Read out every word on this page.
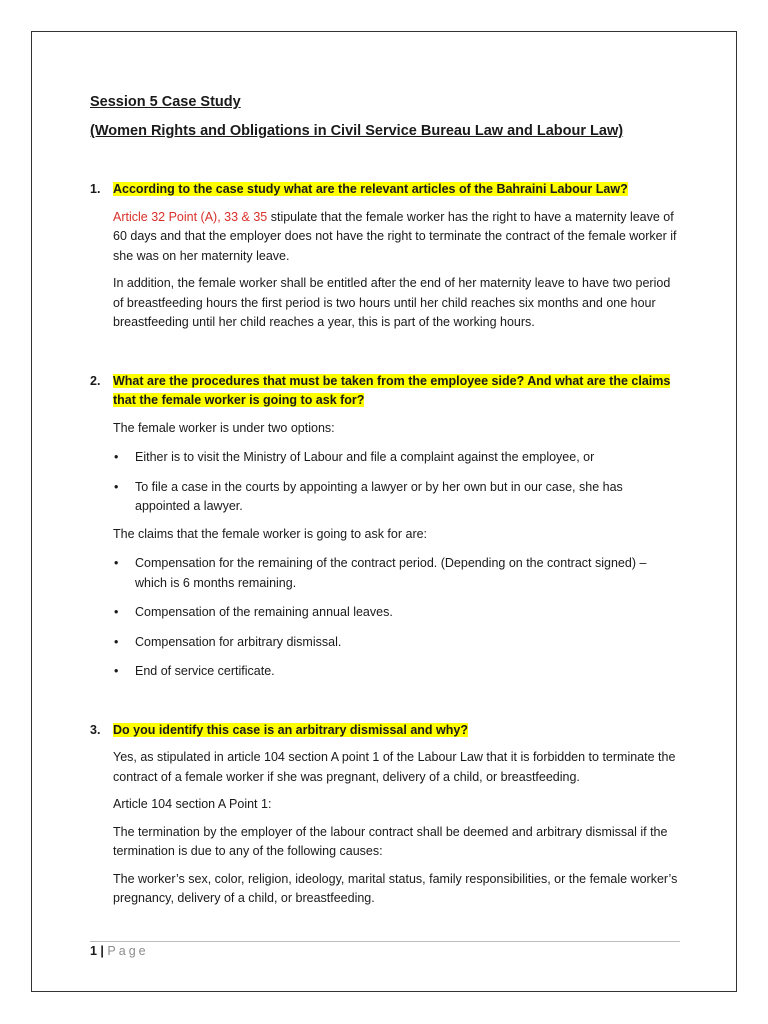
Session 5 Case Study
(Women Rights and Obligations in Civil Service Bureau Law and Labour Law)
1. According to the case study what are the relevant articles of the Bahraini Labour Law?

Article 32 Point (A), 33 & 35 stipulate that the female worker has the right to have a maternity leave of 60 days and that the employer does not have the right to terminate the contract of the female worker if she was on her maternity leave.

In addition, the female worker shall be entitled after the end of her maternity leave to have two period of breastfeeding hours the first period is two hours until her child reaches six months and one hour breastfeeding until her child reaches a year, this is part of the working hours.

2. What are the procedures that must be taken from the employee side? And what are the claims that the female worker is going to ask for?

The female worker is under two options:

• Either is to visit the Ministry of Labour and file a complaint against the employee, or
• To file a case in the courts by appointing a lawyer or by her own but in our case, she has appointed a lawyer.

The claims that the female worker is going to ask for are:

• Compensation for the remaining of the contract period. (Depending on the contract signed) – which is 6 months remaining.
• Compensation of the remaining annual leaves.
• Compensation for arbitrary dismissal.
• End of service certificate.
3. Do you identify this case is an arbitrary dismissal and why?

Yes, as stipulated in article 104 section A point 1 of the Labour Law that it is forbidden to terminate the contract of a female worker if she was pregnant, delivery of a child, or breastfeeding.

Article 104 section A Point 1:

The termination by the employer of the labour contract shall be deemed and arbitrary dismissal if the termination is due to any of the following causes:

The worker’s sex, color, religion, ideology, marital status, family responsibilities, or the female worker’s pregnancy, delivery of a child, or breastfeeding.

1 | Page
